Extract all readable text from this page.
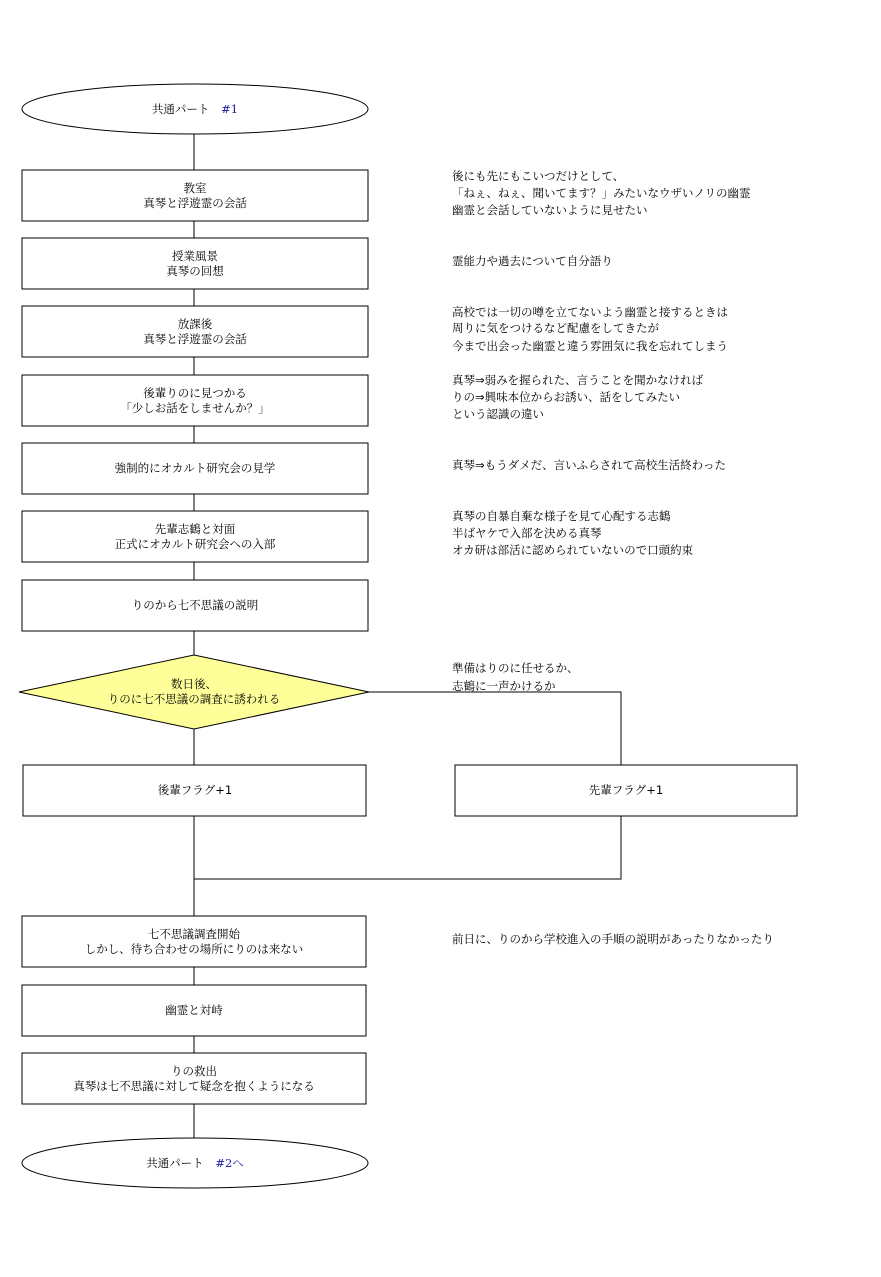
共通パート #1
教室
真琴と浮遊霊の会話
授業風景
真琴の回想
放課後
真琴と浮遊霊の会話
後輩りのに見つかる
「少しお話をしませんか？」
強制的にオカルト研究会の見学
先輩志鶴と対面
正式にオカルト研究会への入部
りのから七不思議の説明
数日後、
りのに七不思議の調査に誘われる
後輩フラグ+1	先輩フラグ+1
七不思議調査開始
しかし、待ち合わせの場所にりのは来ない
幽霊と対峙
りの救出
真琴は七不思議に対して疑念を抱くようになる
共通パート #2へ
後にも先にもこいつだけとして、
「ねぇ、ねぇ、聞いてます？」みたいなウザいノリの幽霊
幽霊と会話していないように見せたい
霊能力や過去について自分語り
高校では一切の噂を立てないよう幽霊と接するときは
周りに気をつけるなど配慮をしてきたが
今まで出会った幽霊と違う雰囲気に我を忘れてしまう
真琴⇒弱みを握られた、言うことを聞かなければ
りの⇒興味本位からお誘い、話をしてみたい
という認識の違い
真琴⇒もうダメだ、言いふらされて高校生活終わった
真琴の自暴自棄な様子を見て心配する志鶴
半ばヤケで入部を決める真琴
オカ研は部活に認められていないので口頭約束
準備はりのに任せるか、
志鶴に一声かけるか
前日に、りのから学校進入の手順の説明があったりなかったり
